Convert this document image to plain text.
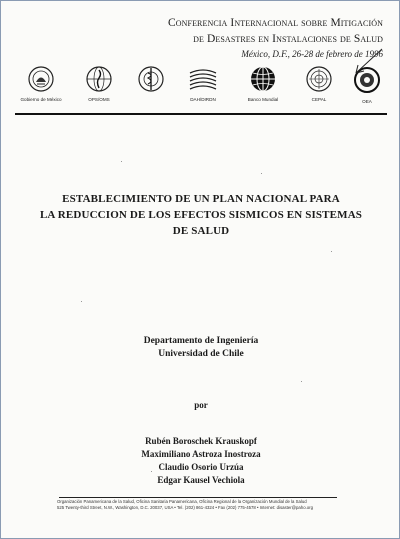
Conferencia Internacional sobre Mitigación
de Desastres en Instalaciones de Salud
México, D.F., 26-28 de febrero de 1996
Gobierno de México	OPS/OMS	DAH/DIRDN	Banco Mundial	CEPAL	OEA
ESTABLECIMIENTO DE UN PLAN NACIONAL PARA
LA REDUCCION DE LOS EFECTOS SISMICOS EN SISTEMAS
DE SALUD
Departamento de Ingeniería
Universidad de Chile
por
Rubén Boroschek Krauskopf
Maximiliano Astroza Inostroza
Claudio Osorio Urzúa
Edgar Kausel Vechiola
Organización Panamericana de la Salud, Oficina Sanitaria Panamericana, Oficina Regional de la Organización Mundial de la Salud
525 Twenty-third Street, N.W., Washington, D.C. 20037, USA • Tel. (202) 861-4324 • Fax (202) 775-4578 • Internet: disaster@paho.org
